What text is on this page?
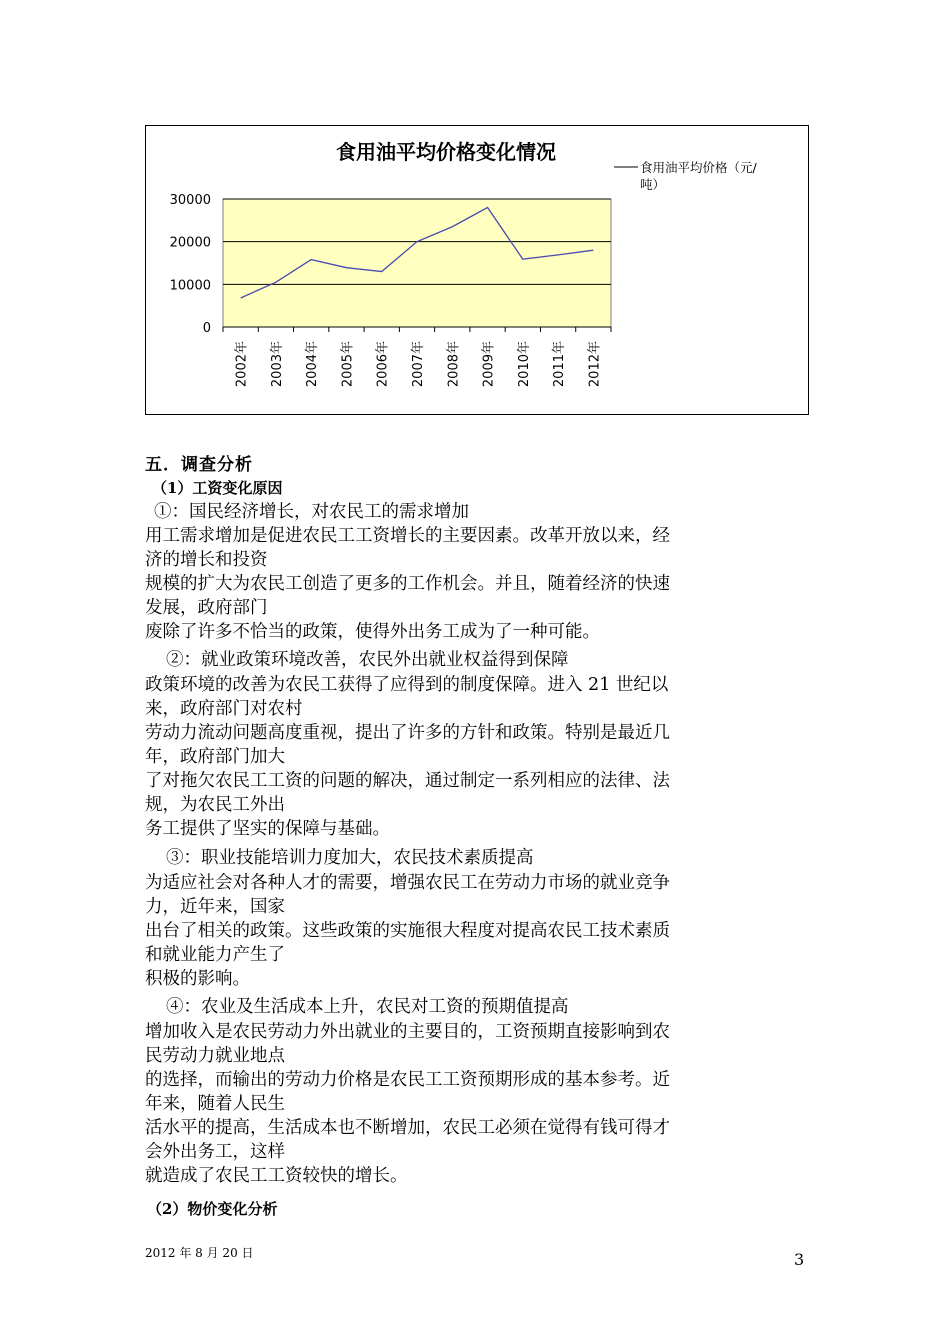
食用油平均价格变化情况
0
10000
20000
30000
2002年 2003年 2004年 2005年 2006年 2007年 2008年 2009年 2010年 2011年 2012年
食用油平均价格（元/
吨）
五．调查分析
（1）工资变化原因
①：国民经济增长，对农民工的需求增加
用工需求增加是促进农民工工资增长的主要因素。改革开放以来，经
济的增长和投资
规模的扩大为农民工创造了更多的工作机会。并且，随着经济的快速
发展，政府部门
废除了许多不恰当的政策，使得外出务工成为了一种可能。
②：就业政策环境改善，农民外出就业权益得到保障
政策环境的改善为农民工获得了应得到的制度保障。进入 21 世纪以
来，政府部门对农村
劳动力流动问题高度重视，提出了许多的方针和政策。特别是最近几
年，政府部门加大
了对拖欠农民工工资的问题的解决，通过制定一系列相应的法律、法
规，为农民工外出
务工提供了坚实的保障与基础。
③：职业技能培训力度加大，农民技术素质提高
为适应社会对各种人才的需要，增强农民工在劳动力市场的就业竞争
力，近年来，国家
出台了相关的政策。这些政策的实施很大程度对提高农民工技术素质
和就业能力产生了
积极的影响。
④：农业及生活成本上升，农民对工资的预期值提高
增加收入是农民劳动力外出就业的主要目的，工资预期直接影响到农
民劳动力就业地点
的选择，而输出的劳动力价格是农民工工资预期形成的基本参考。近
年来，随着人民生
活水平的提高，生活成本也不断增加，农民工必须在觉得有钱可得才
会外出务工，这样
就造成了农民工工资较快的增长。
（2）物价变化分析
2012 年 8 月 20 日	3
